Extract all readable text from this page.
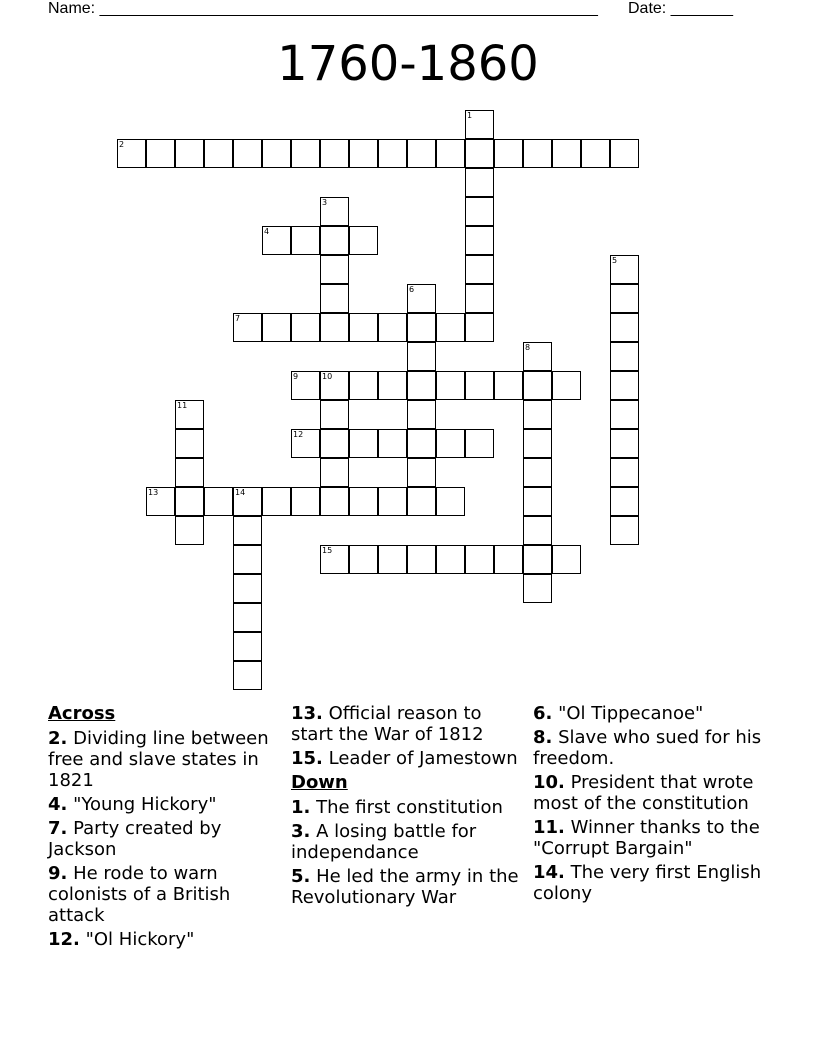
Name: ________________________________________________________ Date: _______
1760-1860
1
2
3
4
5
6
7
8
9	10
11
12
13	14
15
Across
2. Dividing line between free and slave states in 1821
4. "Young Hickory"
7. Party created by Jackson
9. He rode to warn colonists of a British attack
12. "Ol Hickory"
13. Official reason to start the War of 1812
15. Leader of Jamestown
Down
1. The first constitution
3. A losing battle for independance
5. He led the army in the Revolutionary War
6. "Ol Tippecanoe"
8. Slave who sued for his freedom.
10. President that wrote most of the constitution
11. Winner thanks to the "Corrupt Bargain"
14. The very first English colony
